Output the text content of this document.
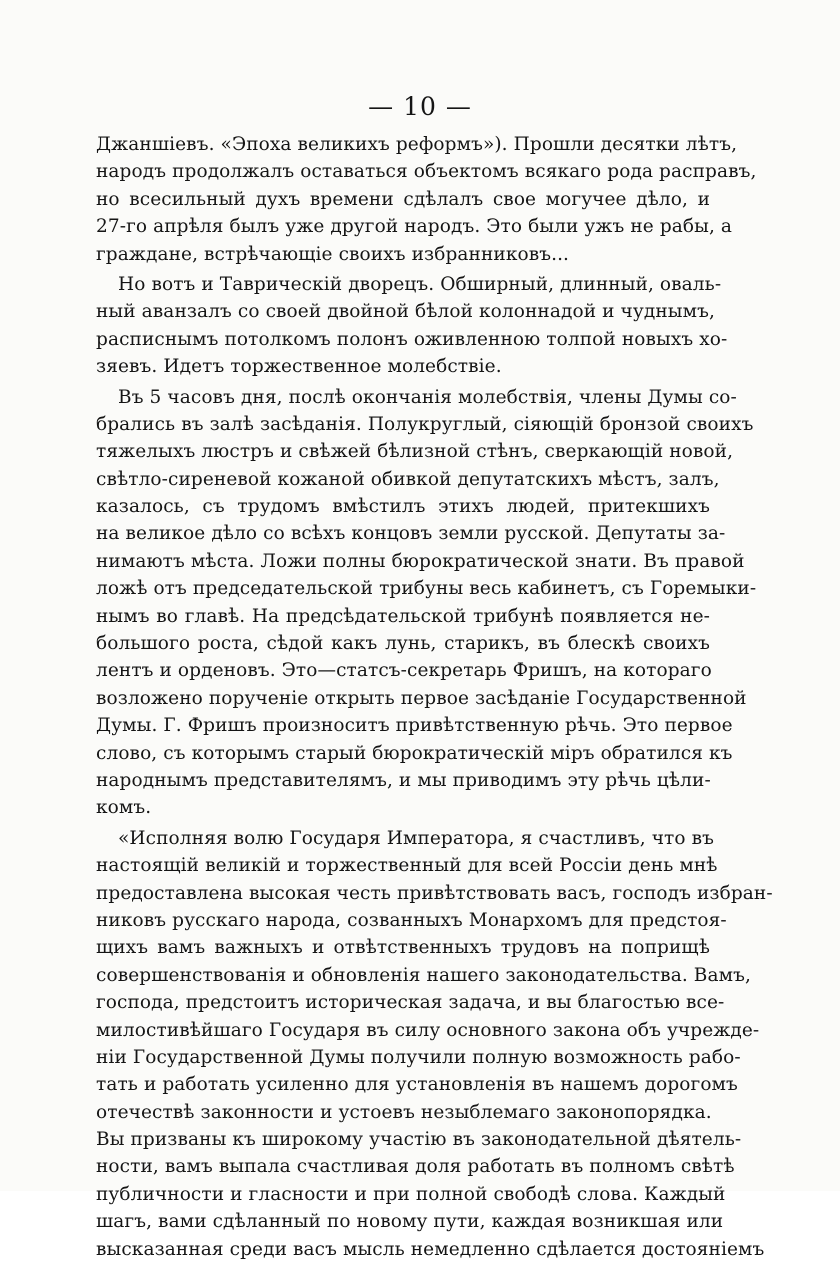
— 10 —
Джаншіевъ. «Эпоха великихъ реформъ»). Прошли десятки лѣтъ,
народъ продолжалъ оставаться объектомъ всякаго рода расправъ,
но всесильный духъ времени сдѣлалъ свое могучее дѣло, и
27-го апрѣля былъ уже другой народъ. Это были ужъ не рабы, а
граждане, встрѣчающіе своихъ избранниковъ...
Но вотъ и Таврическій дворецъ. Обширный, длинный, оваль-
ный аванзалъ со своей двойной бѣлой колоннадой и чуднымъ,
расписнымъ потолкомъ полонъ оживленною толпой новыхъ хо-
зяевъ. Идетъ торжественное молебствіе.
Въ 5 часовъ дня, послѣ окончанія молебствія, члены Думы со-
брались въ залѣ засѣданія. Полукруглый, сіяющій бронзой своихъ
тяжелыхъ люстръ и свѣжей бѣлизной стѣнъ, сверкающій новой,
свѣтло-сиреневой кожаной обивкой депутатскихъ мѣстъ, залъ,
казалось, съ трудомъ вмѣстилъ этихъ людей, притекшихъ
на великое дѣло со всѣхъ концовъ земли русской. Депутаты за-
нимаютъ мѣста. Ложи полны бюрократической знати. Въ правой
ложѣ отъ председательской трибуны весь кабинетъ, съ Горемыки-
нымъ во главѣ. На предсѣдательской трибунѣ появляется не-
большого роста, сѣдой какъ лунь, старикъ, въ блескѣ своихъ
лентъ и орденовъ. Это—статсъ-секретарь Фришъ, на котораго
возложено порученіе открыть первое засѣданіе Государственной
Думы. Г. Фришъ произноситъ привѣтственную рѣчь. Это первое
слово, съ которымъ старый бюрократическій міръ обратился къ
народнымъ представителямъ, и мы приводимъ эту рѣчь цѣли-
комъ.
«Исполняя волю Государя Императора, я счастливъ, что въ
настоящій великій и торжественный для всей Россіи день мнѣ
предоставлена высокая честь привѣтствовать васъ, господъ избран-
никовъ русскаго народа, созванныхъ Монархомъ для предстоя-
щихъ вамъ важныхъ и отвѣтственныхъ трудовъ на поприщѣ
совершенствованія и обновленія нашего законодательства. Вамъ,
господа, предстоитъ историческая задача, и вы благостью все-
милостивѣйшаго Государя въ силу основного закона объ учрежде-
ніи Государственной Думы получили полную возможность рабо-
тать и работать усиленно для установленія въ нашемъ дорогомъ
отечествѣ законности и устоевъ незыблемаго законопорядка.
Вы призваны къ широкому участію въ законодательной дѣятель-
ности, вамъ выпала счастливая доля работать въ полномъ свѣтѣ
публичности и гласности и при полной свободѣ слова. Каждый
шагъ, вами сдѣланный по новому пути, каждая возникшая или
высказанная среди васъ мысль немедленно сдѣлается достояніемъ
